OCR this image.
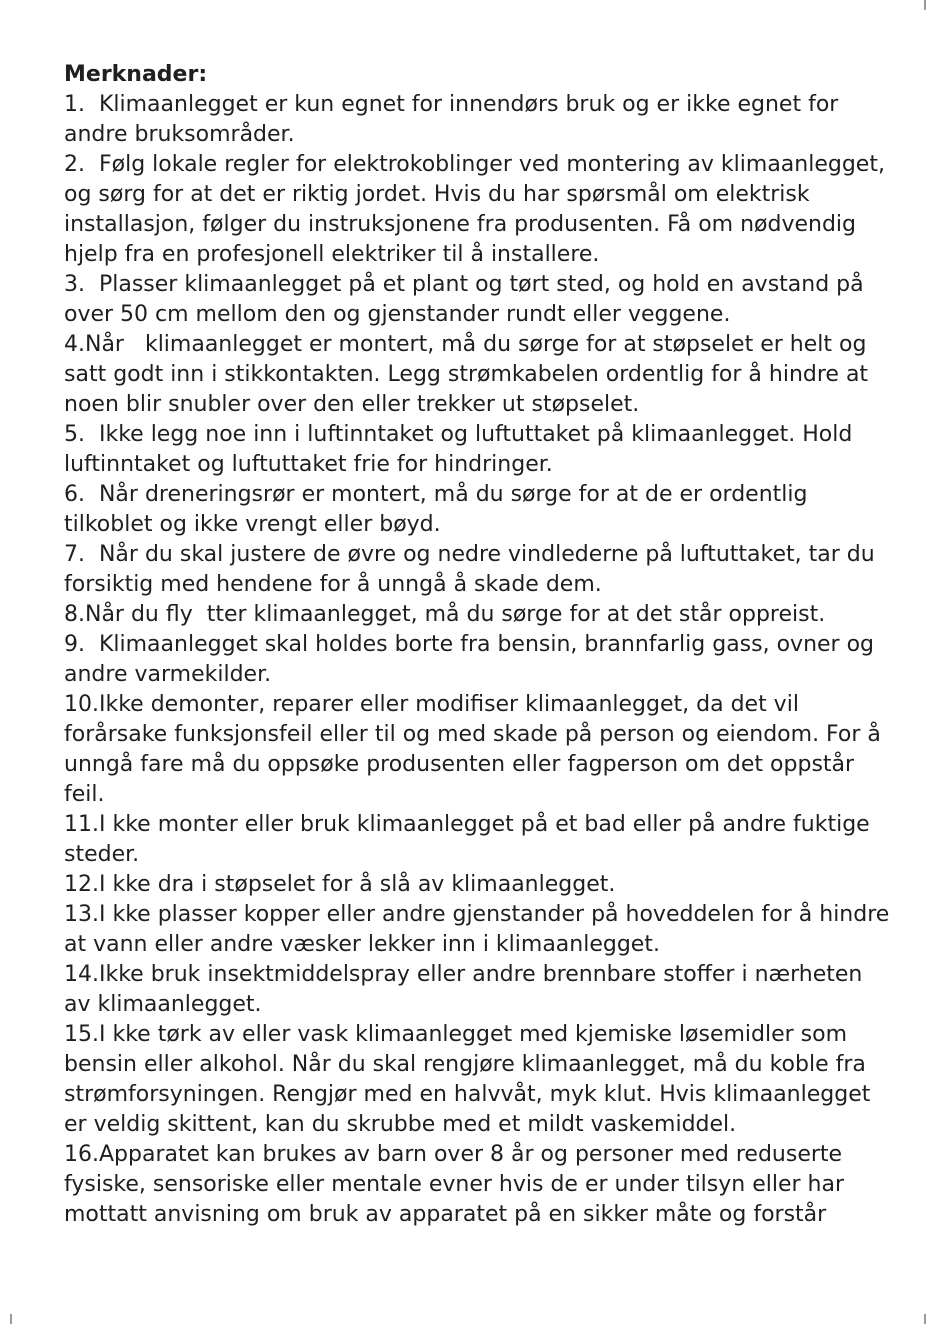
Merknader:

1.  Klimaanlegget er kun egnet for innendørs bruk og er ikke egnet for

andre bruksområder.

2.  Følg lokale regler for elektrokoblinger ved montering av klimaanlegget,

og sørg for at det er riktig jordet. Hvis du har spørsmål om elektrisk

installasjon, følger du instruksjonene fra produsenten. Få om nødvendig

hjelp fra en profesjonell elektriker til å installere.

3.  Plasser klimaanlegget på et plant og tørt sted, og hold en avstand på

over 50 cm mellom den og gjenstander rundt eller veggene.

4.Når   klimaanlegget er montert, må du sørge for at støpselet er helt og

satt godt inn i stikkontakten. Legg strømkabelen ordentlig for å hindre at

noen blir snubler over den eller trekker ut støpselet.

5.  Ikke legg noe inn i luftinntaket og luftuttaket på klimaanlegget. Hold

luftinntaket og luftuttaket frie for hindringer.

6.  Når dreneringsrør er montert, må du sørge for at de er ordentlig

tilkoblet og ikke vrengt eller bøyd.

7.  Når du skal justere de øvre og nedre vindlederne på luftuttaket, tar du

forsiktig med hendene for å unngå å skade dem.

8.Når du fly  tter klimaanlegget, må du sørge for at det står oppreist.

9.  Klimaanlegget skal holdes borte fra bensin, brannfarlig gass, ovner og

andre varmekilder.

10.Ikke demonter, reparer eller modifiser klimaanlegget, da det vil

forårsake funksjonsfeil eller til og med skade på person og eiendom. For å

unngå fare må du oppsøke produsenten eller fagperson om det oppstår

feil.

11.I kke monter eller bruk klimaanlegget på et bad eller på andre fuktige

steder.

12.I kke dra i støpselet for å slå av klimaanlegget.

13.I kke plasser kopper eller andre gjenstander på hoveddelen for å hindre

at vann eller andre væsker lekker inn i klimaanlegget.

14.Ikke bruk insektmiddelspray eller andre brennbare stoffer i nærheten

av klimaanlegget.

15.I kke tørk av eller vask klimaanlegget med kjemiske løsemidler som

bensin eller alkohol. Når du skal rengjøre klimaanlegget, må du koble fra

strømforsyningen. Rengjør med en halvvåt, myk klut. Hvis klimaanlegget

er veldig skittent, kan du skrubbe med et mildt vaskemiddel.

16.Apparatet kan brukes av barn over 8 år og personer med reduserte

fysiske, sensoriske eller mentale evner hvis de er under tilsyn eller har

mottatt anvisning om bruk av apparatet på en sikker måte og forstår
